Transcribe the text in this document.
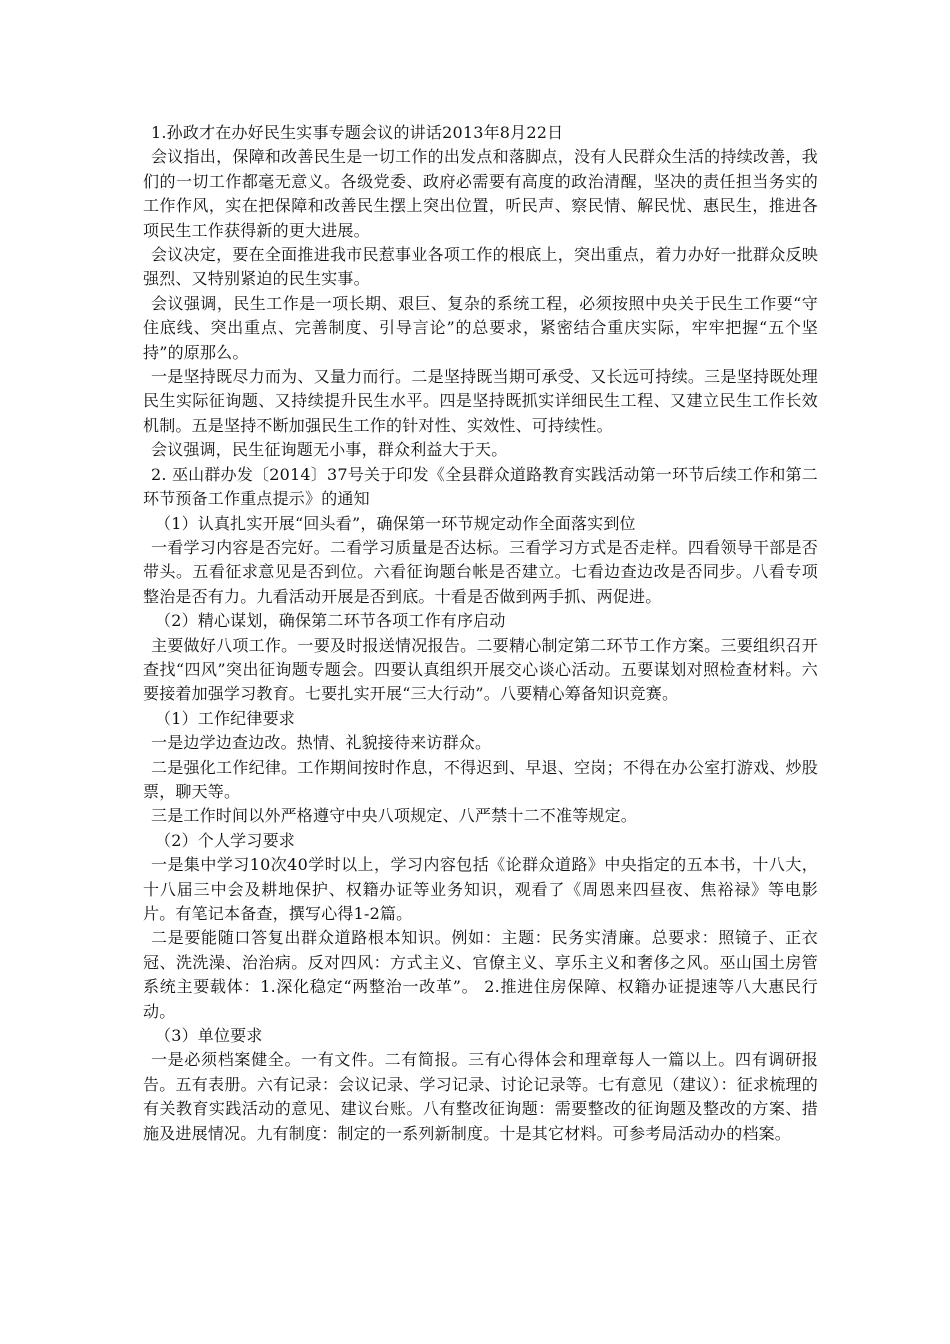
1.孙政才在办好民生实事专题会议的讲话2013年8月22日

会议指出，保障和改善民生是一切工作的出发点和落脚点，没有人民群众生活的持续改善，我们的一切工作都毫无意义。各级党委、政府必需要有高度的政治清醒，坚决的责任担当务实的工作作风，实在把保障和改善民生摆上突出位置，听民声、察民情、解民忧、惠民生，推进各项民生工作获得新的更大进展。

会议决定，要在全面推进我市民惹事业各项工作的根底上，突出重点，着力办好一批群众反映强烈、又特别紧迫的民生实事。

会议强调，民生工作是一项长期、艰巨、复杂的系统工程，必须按照中央关于民生工作要“守住底线、突出重点、完善制度、引导言论”的总要求，紧密结合重庆实际，牢牢把握“五个坚持”的原那么。

一是坚持既尽力而为、又量力而行。二是坚持既当期可承受、又长远可持续。三是坚持既处理民生实际征询题、又持续提升民生水平。四是坚持既抓实详细民生工程、又建立民生工作长效机制。五是坚持不断加强民生工作的针对性、实效性、可持续性。

会议强调，民生征询题无小事，群众利益大于天。

2. 巫山群办发〔2014〕37号关于印发《全县群众道路教育实践活动第一环节后续工作和第二环节预备工作重点提示》的通知

（1）认真扎实开展“回头看”，确保第一环节规定动作全面落实到位

一看学习内容是否完好。二看学习质量是否达标。三看学习方式是否走样。四看领导干部是否带头。五看征求意见是否到位。六看征询题台帐是否建立。七看边查边改是否同步。八看专项整治是否有力。九看活动开展是否到底。十看是否做到两手抓、两促进。

（2）精心谋划，确保第二环节各项工作有序启动

主要做好八项工作。一要及时报送情况报告。二要精心制定第二环节工作方案。三要组织召开查找“四风”突出征询题专题会。四要认真组织开展交心谈心活动。五要谋划对照检查材料。六要接着加强学习教育。七要扎实开展“三大行动”。八要精心筹备知识竞赛。

（1）工作纪律要求

一是边学边查边改。热情、礼貌接待来访群众。

二是强化工作纪律。工作期间按时作息，不得迟到、早退、空岗；不得在办公室打游戏、炒股票，聊天等。

三是工作时间以外严格遵守中央八项规定、八严禁十二不准等规定。

（2）个人学习要求

一是集中学习10次40学时以上，学习内容包括《论群众道路》中央指定的五本书，十八大，十八届三中会及耕地保护、权籍办证等业务知识，观看了《周恩来四昼夜、焦裕禄》等电影片。有笔记本备查，撰写心得1-2篇。

二是要能随口答复出群众道路根本知识。例如：主题：民务实清廉。总要求：照镜子、正衣冠、洗洗澡、治治病。反对四风：方式主义、官僚主义、享乐主义和奢侈之风。巫山国土房管系统主要载体：1.深化稳定“两整治一改革”。 2.推进住房保障、权籍办证提速等八大惠民行动。

（3）单位要求

一是必须档案健全。一有文件。二有简报。三有心得体会和理章每人一篇以上。四有调研报告。五有表册。六有记录：会议记录、学习记录、讨论记录等。七有意见（建议）：征求梳理的有关教育实践活动的意见、建议台账。八有整改征询题：需要整改的征询题及整改的方案、措施及进展情况。九有制度：制定的一系列新制度。十是其它材料。可参考局活动办的档案。
